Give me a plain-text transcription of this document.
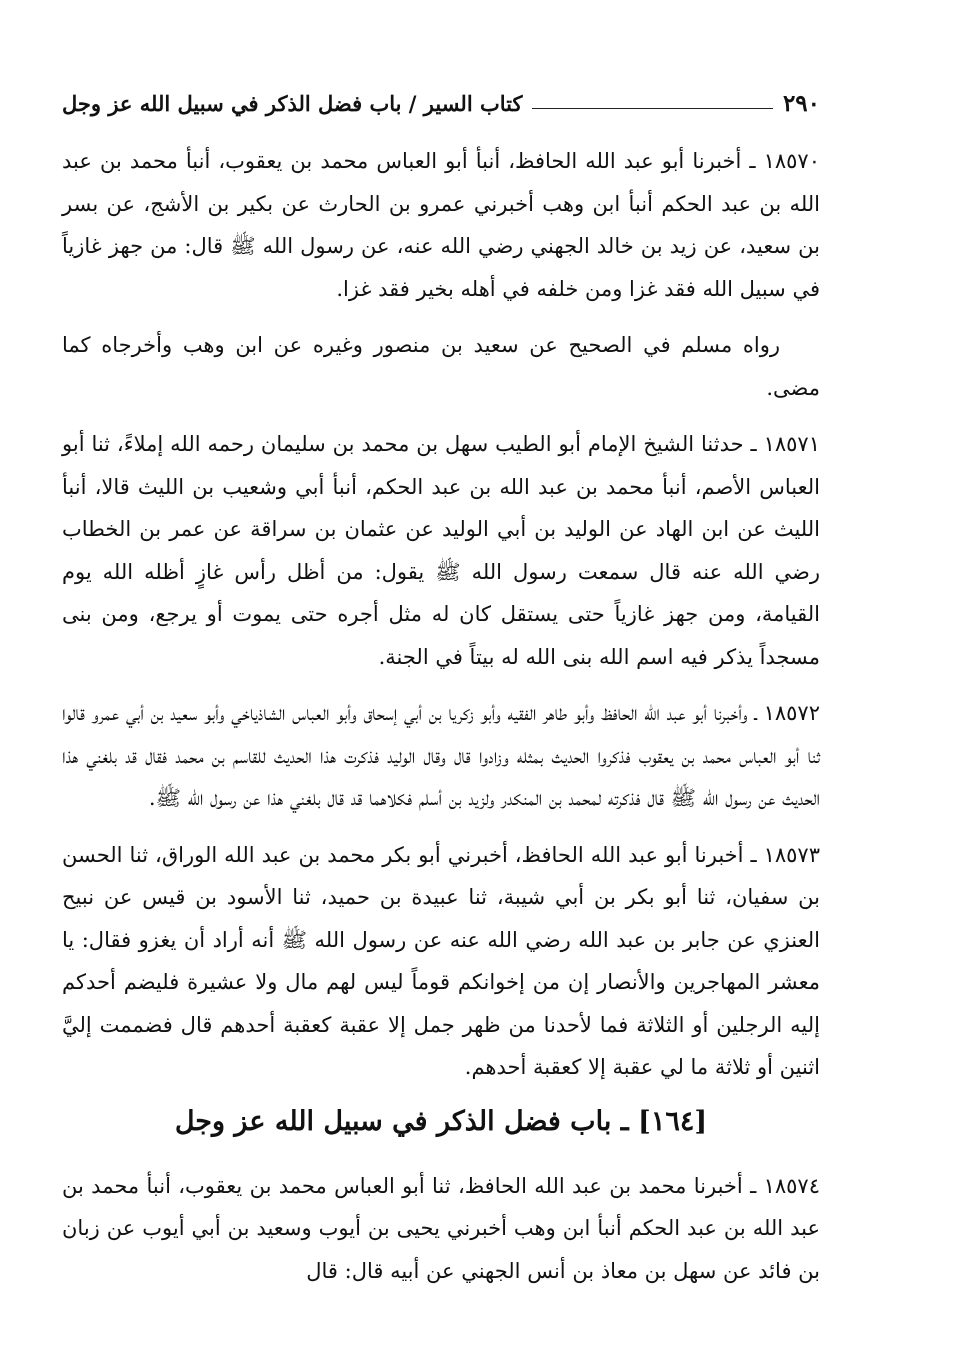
٢٩٠
كتاب السير / باب فضل الذكر في سبيل الله عز وجل

١٨٥٧٠ ـ أخبرنا أبو عبد الله الحافظ، أنبأ أبو العباس محمد بن يعقوب، أنبأ محمد بن عبد الله بن عبد الحكم أنبأ ابن وهب أخبرني عمرو بن الحارث عن بكير بن الأشج، عن بسر بن سعيد، عن زيد بن خالد الجهني رضي الله عنه، عن رسول الله ﷺ قال: من جهز غازياً في سبيل الله فقد غزا ومن خلفه في أهله بخير فقد غزا.

رواه مسلم في الصحيح عن سعيد بن منصور وغيره عن ابن وهب وأخرجاه كما مضى.

١٨٥٧١ ـ حدثنا الشيخ الإمام أبو الطيب سهل بن محمد بن سليمان رحمه الله إملاءً، ثنا أبو العباس الأصم، أنبأ محمد بن عبد الله بن عبد الحكم، أنبأ أبي وشعيب بن الليث قالا، أنبأ الليث عن ابن الهاد عن الوليد بن أبي الوليد عن عثمان بن سراقة عن عمر بن الخطاب رضي الله عنه قال سمعت رسول الله ﷺ يقول: من أظل رأس غازٍ أظله الله يوم القيامة، ومن جهز غازياً حتى يستقل كان له مثل أجره حتى يموت أو يرجع، ومن بنى مسجداً يذكر فيه اسم الله بنى الله له بيتاً في الجنة.

١٨٥٧٢ ـ وأخبرنا أبو عبد الله الحافظ وأبو طاهر الفقيه وأبو زكريا بن أبي إسحاق وأبو العباس الشاذياخي وأبو سعيد بن أبي عمرو قالوا ثنا أبو العباس محمد بن يعقوب فذكروا الحديث بمثله وزادوا قال وقال الوليد فذكرت هذا الحديث للقاسم بن محمد فقال قد بلغني هذا الحديث عن رسول الله ﷺ قال فذكرته لمحمد بن المنكدر ولزيد بن أسلم فكلاهما قد قال بلغني هذا عن رسول الله ﷺ.

١٨٥٧٣ ـ أخبرنا أبو عبد الله الحافظ، أخبرني أبو بكر محمد بن عبد الله الوراق، ثنا الحسن بن سفيان، ثنا أبو بكر بن أبي شيبة، ثنا عبيدة بن حميد، ثنا الأسود بن قيس عن نبيح العنزي عن جابر بن عبد الله رضي الله عنه عن رسول الله ﷺ أنه أراد أن يغزو فقال: يا معشر المهاجرين والأنصار إن من إخوانكم قوماً ليس لهم مال ولا عشيرة فليضم أحدكم إليه الرجلين أو الثلاثة فما لأحدنا من ظهر جمل إلا عقبة كعقبة أحدهم قال فضممت إليَّ اثنين أو ثلاثة ما لي عقبة إلا كعقبة أحدهم.

[١٦٤] ـ باب فضل الذكر في سبيل الله عز وجل

١٨٥٧٤ ـ أخبرنا محمد بن عبد الله الحافظ، ثنا أبو العباس محمد بن يعقوب، أنبأ محمد بن عبد الله بن عبد الحكم أنبأ ابن وهب أخبرني يحيى بن أيوب وسعيد بن أبي أيوب عن زبان بن فائد عن سهل بن معاذ بن أنس الجهني عن أبيه قال: قال
